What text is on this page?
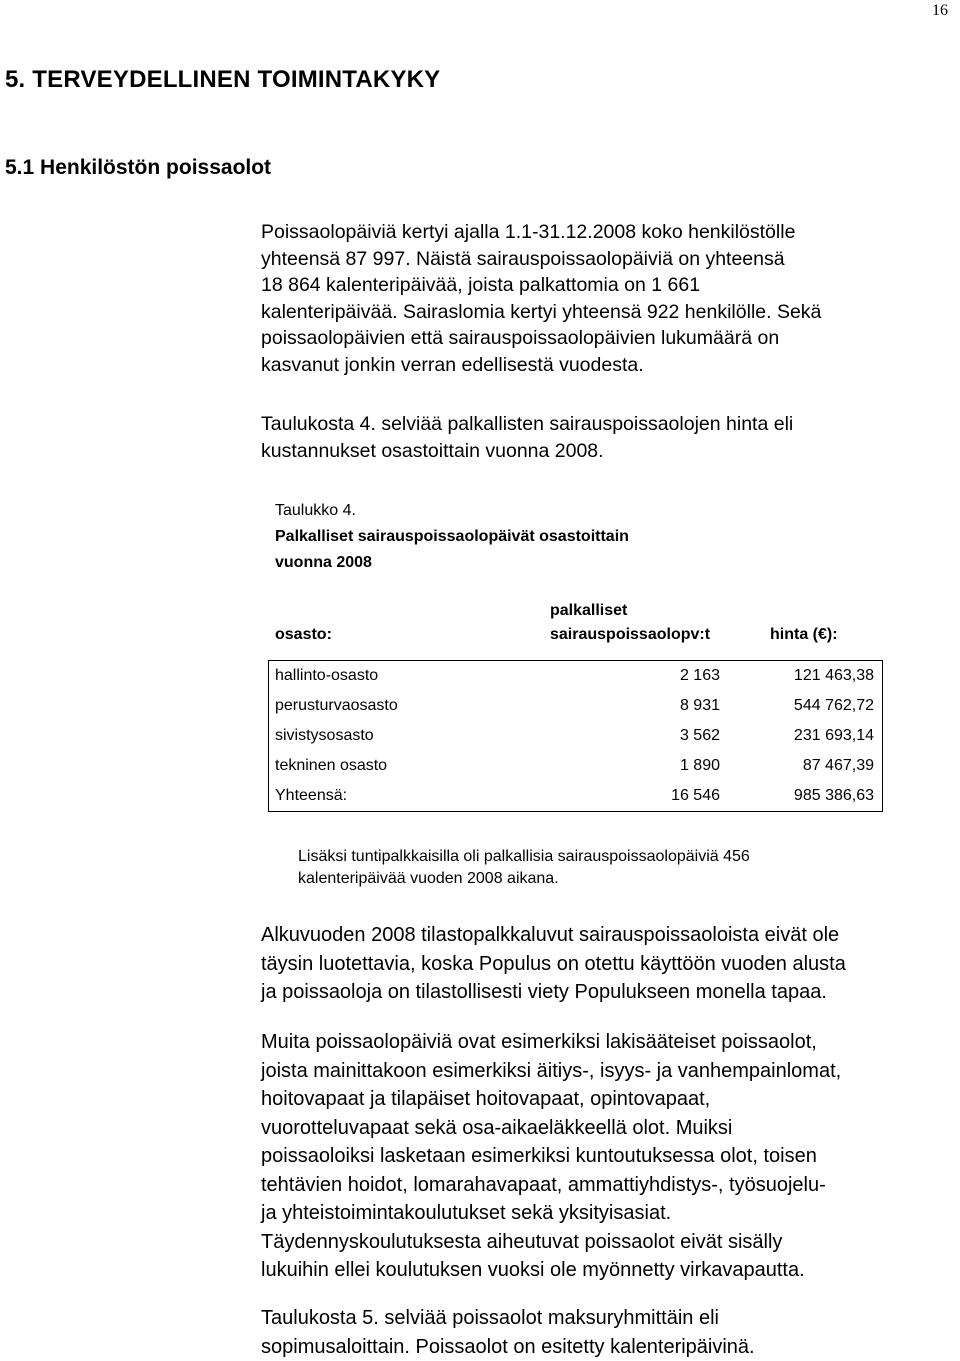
16
5. TERVEYDELLINEN TOIMINTAKYKY
5.1 Henkilöstön poissaolot

Poissaolopäiviä kertyi ajalla 1.1-31.12.2008 koko henkilöstölle
yhteensä 87 997. Näistä sairauspoissaolopäiviä on yhteensä
18 864 kalenteripäivää, joista palkattomia on 1 661
kalenteripäivää. Sairaslomia kertyi yhteensä 922 henkilölle. Sekä
poissaolopäivien että sairauspoissaolopäivien lukumäärä on
kasvanut jonkin verran edellisestä vuodesta.

Taulukosta 4. selviää palkallisten sairauspoissaolojen hinta eli
kustannukset osastoittain vuonna 2008.

Taulukko 4.
Palkalliset sairauspoissaolopäivät osastoittain
vuonna 2008
osasto:
palkalliset
sairauspoissaolopv:t	hinta (€):
hallinto-osasto	2 163	121 463,38
perusturvaosasto	8 931	544 762,72
sivistysosasto	3 562	231 693,14
tekninen osasto	1 890	87 467,39
Yhteensä:	16 546	985 386,63

Lisäksi tuntipalkkaisilla oli palkallisia sairauspoissaolopäiviä 456
kalenteripäivää vuoden 2008 aikana.

Alkuvuoden 2008 tilastopalkkaluvut sairauspoissaoloista eivät ole
täysin luotettavia, koska Populus on otettu käyttöön vuoden alusta
ja poissaoloja on tilastollisesti viety Populukseen monella tapaa.

Muita poissaolopäiviä ovat esimerkiksi lakisääteiset poissaolot,
joista mainittakoon esimerkiksi äitiys-, isyys- ja vanhempainlomat,
hoitovapaat ja tilapäiset hoitovapaat, opintovapaat,
vuorotteluvapaat sekä osa-aikaeläkkeellä olot. Muiksi
poissaoloiksi lasketaan esimerkiksi kuntoutuksessa olot, toisen
tehtävien hoidot, lomarahavapaat, ammattiyhdistys-, työsuojelu-
ja yhteistoimintakoulutukset sekä yksityisasiat.
Täydennyskoulutuksesta aiheutuvat poissaolot eivät sisälly
lukuihin ellei koulutuksen vuoksi ole myönnetty virkavapautta.

Taulukosta 5. selviää poissaolot maksuryhmittäin eli
sopimusaloittain. Poissaolot on esitetty kalenteripäivinä.
